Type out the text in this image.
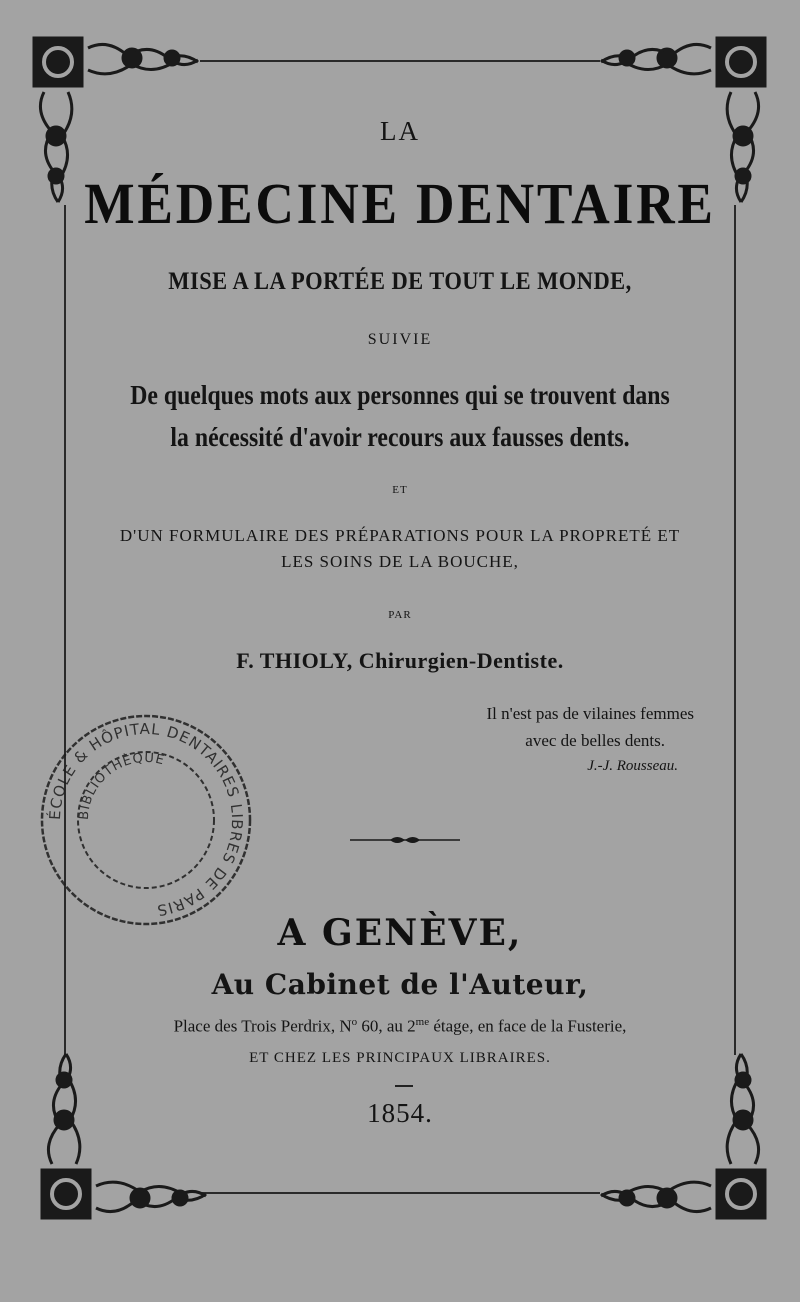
LA
MÉDECINE DENTAIRE
MISE A LA PORTÉE DE TOUT LE MONDE,
SUIVIE
De quelques mots aux personnes qui se trouvent dans
la nécessité d'avoir recours aux fausses dents.
ET
D'UN FORMULAIRE DES PRÉPARATIONS POUR LA PROPRETÉ ET
LES SOINS DE LA BOUCHE,
PAR
F. THIOLY, Chirurgien-Dentiste.
Il n'est pas de vilaines femmes
avec de belles dents.
J.-J. Rousseau.
ÉCOLE & HÔPITAL DENTAIRES LIBRES DE PARIS
BIBLIOTHÈQUE
A GENÈVE,
Au Cabinet de l'Auteur,
Place des Trois Perdrix, $N^o$ 60, au $2^{me}$ étage, en face de la Fusterie,
ET CHEZ LES PRINCIPAUX LIBRAIRES.
1854.
